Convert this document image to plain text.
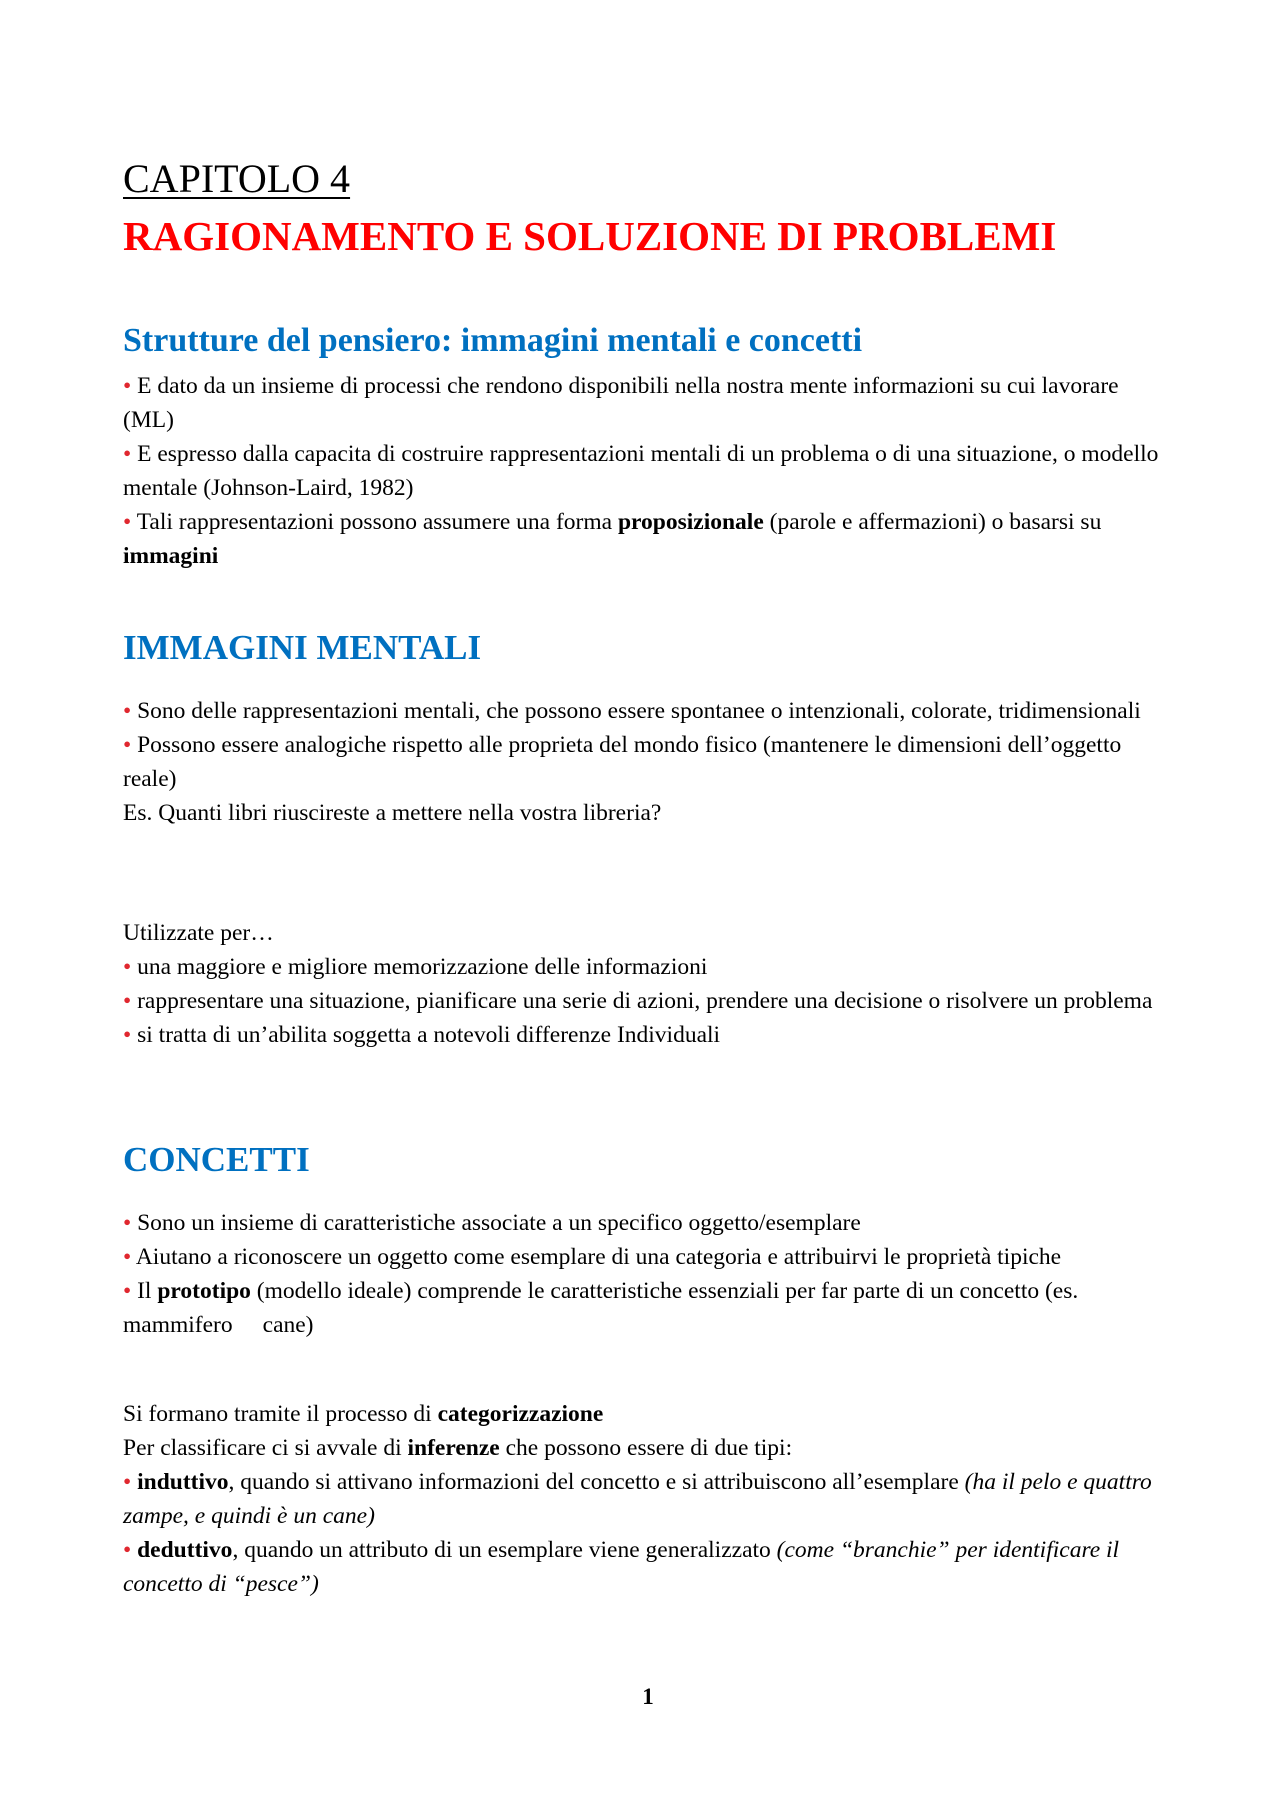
CAPITOLO 4
RAGIONAMENTO E SOLUZIONE DI PROBLEMI
Strutture del pensiero: immagini mentali e concetti

• E dato da un insieme di processi che rendono disponibili nella nostra mente informazioni su cui lavorare (ML)

• E espresso dalla capacita di costruire rappresentazioni mentali di un problema o di una situazione, o modello mentale (Johnson-Laird, 1982)

• Tali rappresentazioni possono assumere una forma proposizionale (parole e affermazioni) o basarsi su immagini

IMMAGINI MENTALI

• Sono delle rappresentazioni mentali, che possono essere spontanee o intenzionali, colorate, tridimensionali

• Possono essere analogiche rispetto alle proprieta del mondo fisico (mantenere le dimensioni dell’oggetto reale)

Es. Quanti libri riuscireste a mettere nella vostra libreria?

Utilizzate per…

• una maggiore e migliore memorizzazione delle informazioni

• rappresentare una situazione, pianificare una serie di azioni, prendere una decisione o risolvere un problema

• si tratta di un’abilita soggetta a notevoli differenze Individuali

CONCETTI

• Sono un insieme di caratteristiche associate a un specifico oggetto/esemplare

• Aiutano a riconoscere un oggetto come esemplare di una categoria e attribuirvi le proprietà tipiche

• Il prototipo (modello ideale) comprende le caratteristiche essenziali per far parte di un concetto (es. mammifero cane)

Si formano tramite il processo di categorizzazione

Per classificare ci si avvale di inferenze che possono essere di due tipi:

• induttivo, quando si attivano informazioni del concetto e si attribuiscono all’esemplare (ha il pelo e quattro zampe, e quindi è un cane)

• deduttivo, quando un attributo di un esemplare viene generalizzato (come “branchie” per identificare il concetto di “pesce”)

1
